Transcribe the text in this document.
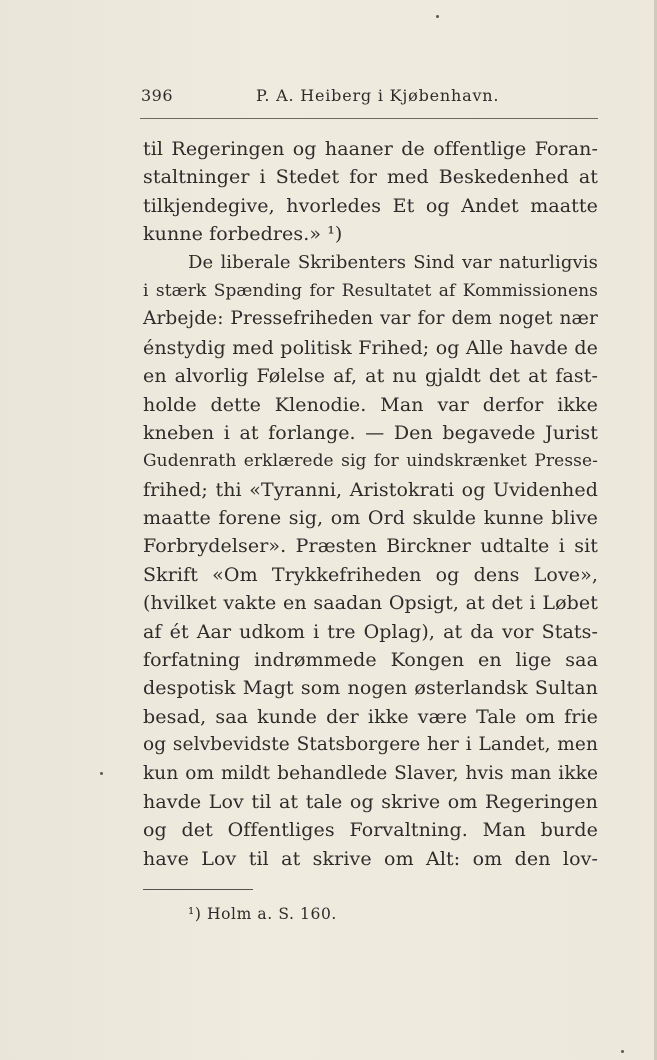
396	P. A. Heiberg i Kjøbenhavn.
til Regeringen og haaner de offentlige Foran-
staltninger i Stedet for med Beskedenhed at
tilkjendegive, hvorledes Et og Andet maatte
kunne forbedres.» ¹)
De liberale Skribenters Sind var naturligvis
i stærk Spænding for Resultatet af Kommissionens
Arbejde: Pressefriheden var for dem noget nær
énstydig med politisk Frihed; og Alle havde de
en alvorlig Følelse af, at nu gjaldt det at fast-
holde dette Klenodie. Man var derfor ikke
kneben i at forlange. — Den begavede Jurist
Gudenrath erklærede sig for uindskrænket Presse-
frihed; thi «Tyranni, Aristokrati og Uvidenhed
maatte forene sig, om Ord skulde kunne blive
Forbrydelser». Præsten Birckner udtalte i sit
Skrift «Om Trykkefriheden og dens Love»,
(hvilket vakte en saadan Opsigt, at det i Løbet
af ét Aar udkom i tre Oplag), at da vor Stats-
forfatning indrømmede Kongen en lige saa
despotisk Magt som nogen østerlandsk Sultan
besad, saa kunde der ikke være Tale om frie
og selvbevidste Statsborgere her i Landet, men
kun om mildt behandlede Slaver, hvis man ikke
havde Lov til at tale og skrive om Regeringen
og det Offentliges Forvaltning. Man burde
have Lov til at skrive om Alt: om den lov-
¹) Holm a. S. 160.
